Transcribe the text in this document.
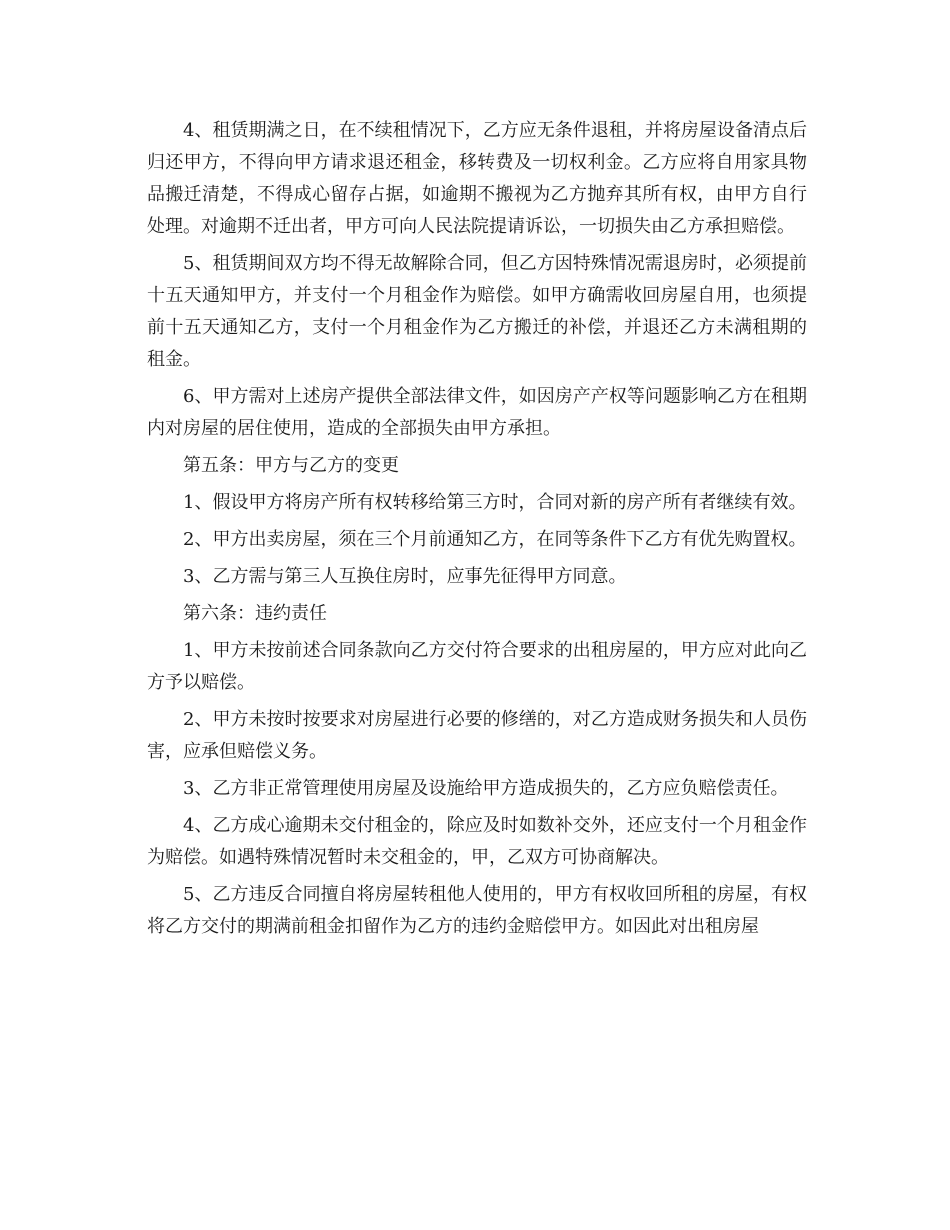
4、租赁期满之日，在不续租情况下，乙方应无条件退租，并将房屋设备清点后归还甲方，不得向甲方请求退还租金，移转费及一切权利金。乙方应将自用家具物品搬迁清楚，不得成心留存占据，如逾期不搬视为乙方抛弃其所有权，由甲方自行处理。对逾期不迁出者，甲方可向人民法院提请诉讼，一切损失由乙方承担赔偿。

5、租赁期间双方均不得无故解除合同，但乙方因特殊情况需退房时，必须提前十五天通知甲方，并支付一个月租金作为赔偿。如甲方确需收回房屋自用，也须提前十五天通知乙方，支付一个月租金作为乙方搬迁的补偿，并退还乙方未满租期的租金。

6、甲方需对上述房产提供全部法律文件，如因房产产权等问题影响乙方在租期内对房屋的居住使用，造成的全部损失由甲方承担。

第五条：甲方与乙方的变更

1、假设甲方将房产所有权转移给第三方时，合同对新的房产所有者继续有效。

2、甲方出卖房屋，须在三个月前通知乙方，在同等条件下乙方有优先购置权。

3、乙方需与第三人互换住房时，应事先征得甲方同意。

第六条：违约责任

1、甲方未按前述合同条款向乙方交付符合要求的出租房屋的，甲方应对此向乙方予以赔偿。

2、甲方未按时按要求对房屋进行必要的修缮的，对乙方造成财务损失和人员伤害，应承但赔偿义务。

3、乙方非正常管理使用房屋及设施给甲方造成损失的，乙方应负赔偿责任。

4、乙方成心逾期未交付租金的，除应及时如数补交外，还应支付一个月租金作为赔偿。如遇特殊情况暂时未交租金的，甲，乙双方可协商解决。

5、乙方违反合同擅自将房屋转租他人使用的，甲方有权收回所租的房屋，有权将乙方交付的期满前租金扣留作为乙方的违约金赔偿甲方。如因此对出租房屋
